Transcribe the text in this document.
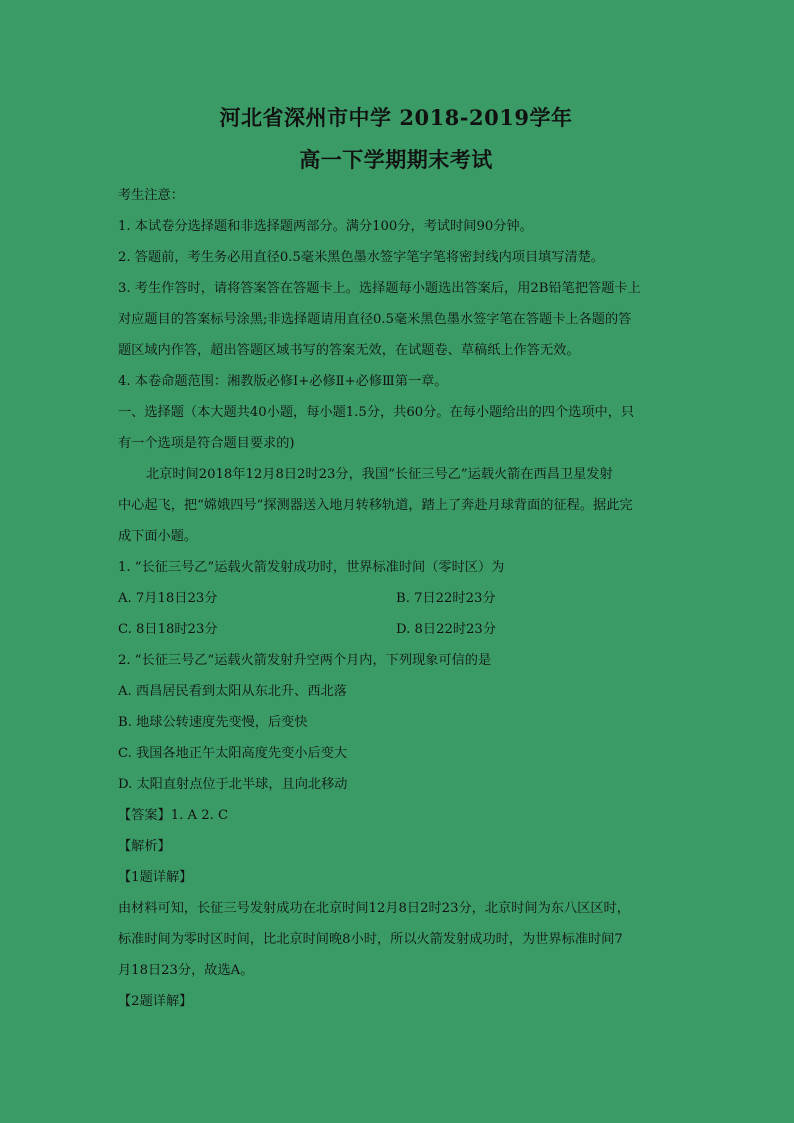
河北省深州市中学 2018-2019学年
高一下学期期末考试
考生注意：
1. 本试卷分选择题和非选择题两部分。满分100分，考试时间90分钟。
2. 答题前，考生务必用直径0.5毫米黑色墨水签字笔字笔将密封线内项目填写清楚。
3. 考生作答时，请将答案答在答题卡上。选择题每小题选出答案后，用2B铅笔把答题卡上
对应题目的答案标号涂黑;非选择题请用直径0.5毫米黑色墨水签字笔在答题卡上各题的答
题区域内作答，超出答题区域书写的答案无效，在试题卷、草稿纸上作答无效。
4. 本卷命题范围：湘教版必修Ⅰ+必修Ⅱ+必修Ⅲ第一章。
一、选择题（本大题共40小题，每小题1.5分，共60分。在每小题给出的四个选项中，只
有一个选项是符合题目要求的)
北京时间2018年12月8日2时23分，我国“长征三号乙”运载火箭在西昌卫星发射
中心起飞，把“嫦娥四号”探测器送入地月转移轨道，踏上了奔赴月球背面的征程。据此完
成下面小题。
1. “长征三号乙”运载火箭发射成功时，世界标准时间（零时区）为
A. 7月18日23分	B. 7日22时23分
C. 8日18时23分	D. 8日22时23分
2. “长征三号乙”运载火箭发射升空两个月内，下列现象可信的是
A. 西昌居民看到太阳从东北升、西北落
B. 地球公转速度先变慢，后变快
C. 我国各地正午太阳高度先变小后变大
D. 太阳直射点位于北半球，且向北移动
【答案】1. A 2. C
【解析】
【1题详解】
由材料可知，长征三号发射成功在北京时间12月8日2时23分，北京时间为东八区区时，
标准时间为零时区时间，比北京时间晚8小时，所以火箭发射成功时，为世界标准时间7
月18日23分，故选A。
【2题详解】
